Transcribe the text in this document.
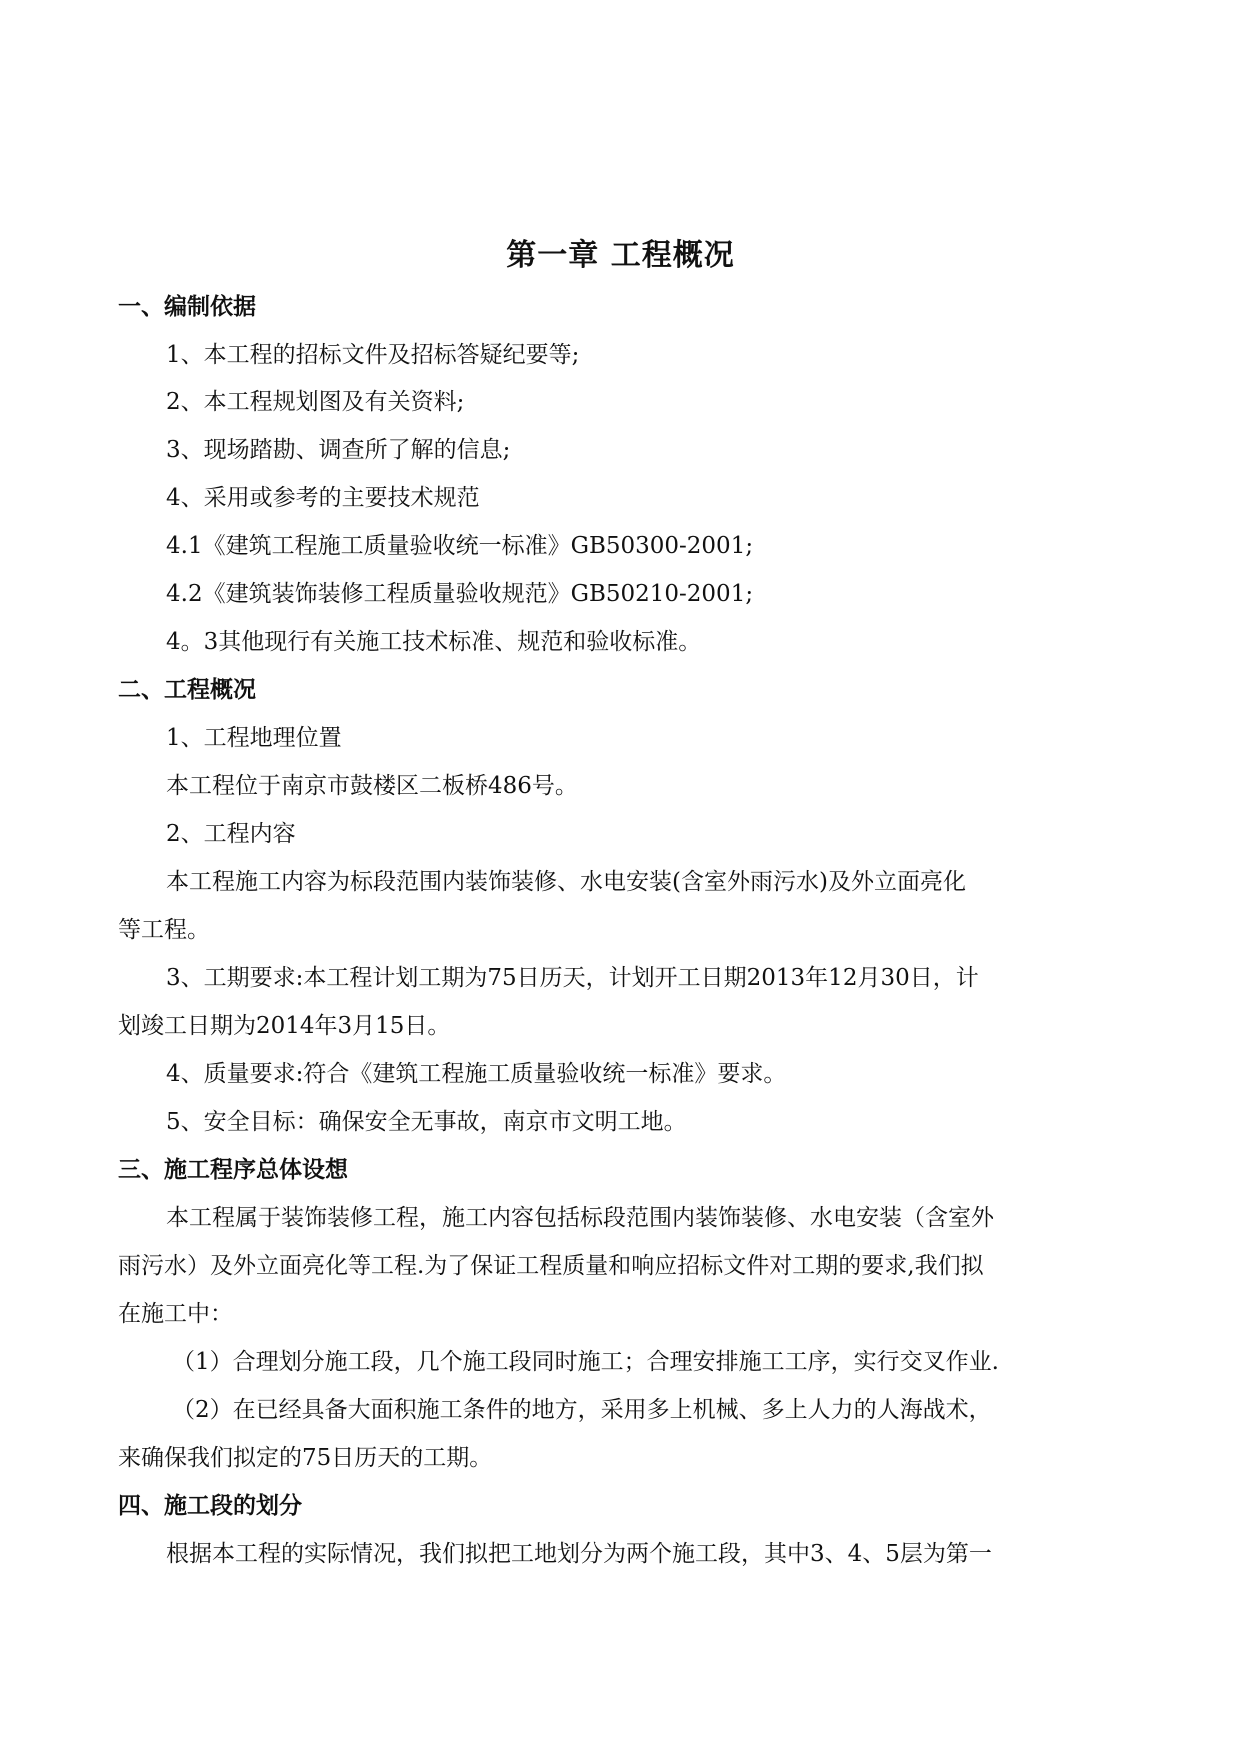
第一章 工程概况
一、编制依据
1、本工程的招标文件及招标答疑纪要等;
2、本工程规划图及有关资料;
3、现场踏勘、调查所了解的信息;
4、采用或参考的主要技术规范
4.1《建筑工程施工质量验收统一标准》GB50300-2001;
4.2《建筑装饰装修工程质量验收规范》GB50210-2001;
4。3其他现行有关施工技术标准、规范和验收标准。
二、工程概况
1、工程地理位置
本工程位于南京市鼓楼区二板桥486号。
2、工程内容
本工程施工内容为标段范围内装饰装修、水电安装(含室外雨污水)及外立面亮化
等工程。
3、工期要求:本工程计划工期为75日历天，计划开工日期2013年12月30日，计
划竣工日期为2014年3月15日。
4、质量要求:符合《建筑工程施工质量验收统一标准》要求。
5、安全目标：确保安全无事故，南京市文明工地。
三、施工程序总体设想
本工程属于装饰装修工程，施工内容包括标段范围内装饰装修、水电安装（含室外
雨污水）及外立面亮化等工程.为了保证工程质量和响应招标文件对工期的要求,我们拟
在施工中：
（1）合理划分施工段，几个施工段同时施工；合理安排施工工序，实行交叉作业.
（2）在已经具备大面积施工条件的地方，采用多上机械、多上人力的人海战术，
来确保我们拟定的75日历天的工期。
四、施工段的划分
根据本工程的实际情况，我们拟把工地划分为两个施工段，其中3、4、5层为第一
